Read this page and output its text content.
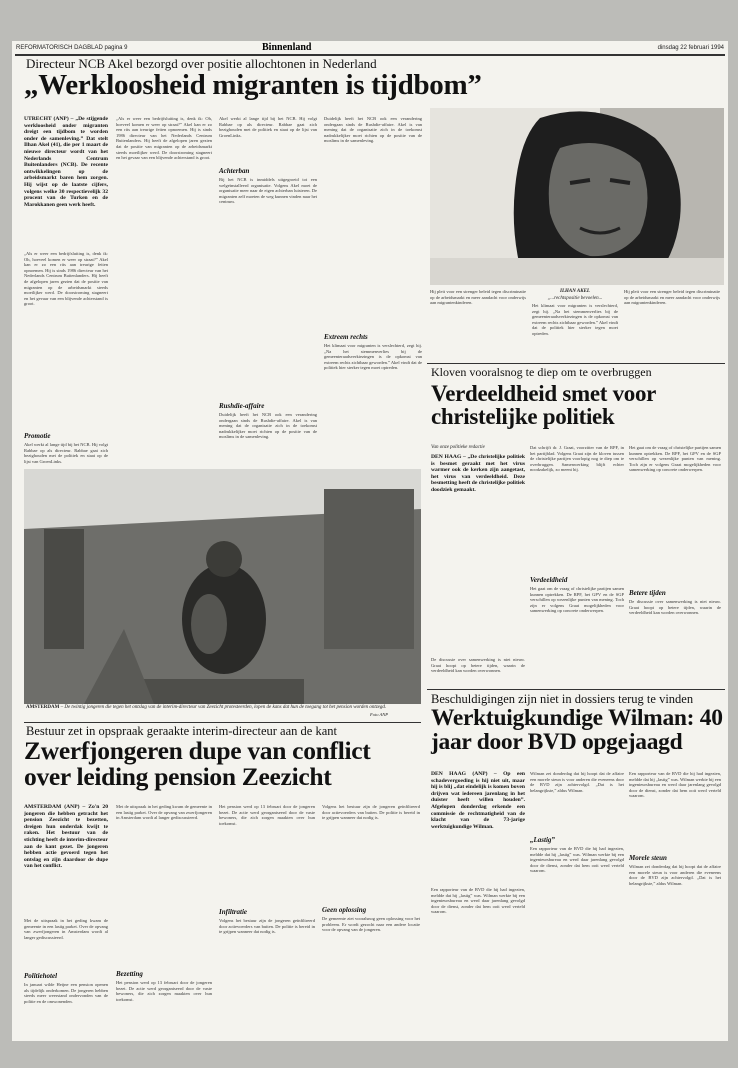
REFORMATORISCH DAGBLAD pagina 9	Binnenland	dinsdag 22 februari 1994
Directeur NCB Akel bezorgd over positie allochtonen in Nederland
„Werkloosheid migranten is tijdbom”
UTRECHT (ANP) – „De stijgende werkloosheid onder migranten dreigt een tijdbom te worden onder de samenleving.” Dat stelt Ilhan Akel (41), die per 1 maart de nieuwe directeur wordt van het Nederlands Centrum Buitenlanders (NCB). De recente ontwikkelingen op de arbeidsmarkt baren hem zorgen. Hij wijst op de laatste cijfers, volgens welke 30 respectievelijk 32 procent van de Turken en de Marokkanen geen werk heeft.
„Als er weer een bedrijfsluiting is, denk ik: Oh, hoeveel komen er weer op straat?” Akel kan er zo een rits aan treurige feiten opnoemen. Hij is sinds 1986 directeur van het Nederlands Centrum Buitenlanders. Hij heeft de afgelopen jaren gezien dat de positie van migranten op de arbeidsmarkt steeds moeilijker werd. De doorstroming stagneert en het gevaar van een blijvende achterstand is groot.
Promotie
Akel werkt al lange tijd bij het NCB. Hij volgt Rabbae op als directeur. Rabbae gaat zich bezighouden met de politiek en staat op de lijst van GroenLinks.
„Als er weer een bedrijfsluiting is, denk ik: Oh, hoeveel komen er weer op straat?” Akel kan er zo een rits aan treurige feiten opnoemen. Hij is sinds 1986 directeur van het Nederlands Centrum Buitenlanders. Hij heeft de afgelopen jaren gezien dat de positie van migranten op de arbeidsmarkt steeds moeilijker werd. De doorstroming stagneert en het gevaar van een blijvende achterstand is groot.
Akel werkt al lange tijd bij het NCB. Hij volgt Rabbae op als directeur. Rabbae gaat zich bezighouden met de politiek en staat op de lijst van GroenLinks.
Achterban
Bij het NCB is inmiddels uitgegroeid tot een welgeïnstalleerd organisatie. Volgens Akel moet de organisatie meer naar de eigen achterban luisteren. De migranten zelf moeten de weg kunnen vinden naar het centrum.
Rushdie-affaire
Duidelijk heeft het NCB ook een verandering ondergaan sinds de Rushdie-affaire. Akel is van mening dat de organisatie zich in de toekomst nadrukkelijker moet richten op de positie van de moslims in de samenleving.
Duidelijk heeft het NCB ook een verandering ondergaan sinds de Rushdie-affaire. Akel is van mening dat de organisatie zich in de toekomst nadrukkelijker moet richten op de positie van de moslims in de samenleving.
Extreem rechts
Het klimaat voor migranten is verslechterd, zegt hij. „Na het stemmenverlies bij de gemeenteraadsverkiezingen is de opkomst van extreem rechts zichtbaar geworden.” Akel vindt dat de politiek hier sterker tegen moet optreden.
Hij pleit voor een strenger beleid tegen discriminatie op de arbeidsmarkt en meer aandacht voor onderwijs aan migrantenkinderen.
ILHAN AKEL
„...rechtspositie bevoelen...
Het klimaat voor migranten is verslechterd, zegt hij. „Na het stemmenverlies bij de gemeenteraadsverkiezingen is de opkomst van extreem rechts zichtbaar geworden.” Akel vindt dat de politiek hier sterker tegen moet optreden.
Hij pleit voor een strenger beleid tegen discriminatie op de arbeidsmarkt en meer aandacht voor onderwijs aan migrantenkinderen.
Kloven vooralsnog te diep om te overbruggen
Verdeeldheid smet voor christelijke politiek
Van onze politieke redactie
DEN HAAG – „De christelijke politiek is besmet geraakt met het virus warmer ook de kerken zijn aangetast, het virus van verdeeldheid. Deze besmetting heeft de christelijke politiek doodziek gemaakt.
De discussie over samenwerking is niet nieuw. Graat hoopt op betere tijden, waarin de verdeeldheid kan worden overwonnen.
Dat schrijft dr. J. Graat, voorzitter van de RPF, in het partijblad. Volgens Graat zijn de kloven tussen de christelijke partijen voorlopig nog te diep om te overbruggen. Samenwerking blijft echter noodzakelijk, zo meent hij.
Verdeeldheid
Het gaat om de vraag of christelijke partijen samen kunnen optrekken. De RPF, het GPV en de SGP verschillen op wezenlijke punten van mening. Toch zijn er volgens Graat mogelijkheden voor samenwerking op concrete onderwerpen.
Het gaat om de vraag of christelijke partijen samen kunnen optrekken. De RPF, het GPV en de SGP verschillen op wezenlijke punten van mening. Toch zijn er volgens Graat mogelijkheden voor samenwerking op concrete onderwerpen.
Betere tijden
De discussie over samenwerking is niet nieuw. Graat hoopt op betere tijden, waarin de verdeeldheid kan worden overwonnen.
AMSTERDAM – De twintig jongeren die tegen het ontslag van de interim-directeur van Zeezicht protesteerden, lopen de kans dat hun de toegang tot het pension worden ontzegd.
Foto ANP
Bestuur zet in opspraak geraakte interim-directeur aan de kant
Zwerfjongeren dupe van conflict over leiding pension Zeezicht
AMSTERDAM (ANP) – Zo'n 20 jongeren die hebben getracht het pension Zeezicht te bezetten, dreigen hun onderdak kwijt te raken. Het bestuur van de stichting heeft de interim-directeur aan de kant gezet. De jongeren hebben actie gevoerd tegen het ontslag en zijn daardoor de dupe van het conflict.
Met de uitspraak in het geding kwam de gemeente in een lastig parket. Over de opvang van zwerfjongeren in Amsterdam wordt al langer gediscussieerd.
Politiehotel
In januari wilde Heijne een pension openen als tijdelijk onderkomen. De jongeren hebben steeds meer weerstand ondervonden van de politie en de omwonenden.
Met de uitspraak in het geding kwam de gemeente in een lastig parket. Over de opvang van zwerfjongeren in Amsterdam wordt al langer gediscussieerd.
Bezetting
Het pension werd op 13 februari door de jongeren bezet. De actie werd georganiseerd door de vaste bewoners, die zich zorgen maakten over hun toekomst.
Het pension werd op 13 februari door de jongeren bezet. De actie werd georganiseerd door de vaste bewoners, die zich zorgen maakten over hun toekomst.
Infiltratie
Volgens het bestuur zijn de jongeren geïnfiltreerd door actievoerders van buiten. De politie is bereid in te grijpen wanneer dat nodig is.
Volgens het bestuur zijn de jongeren geïnfiltreerd door actievoerders van buiten. De politie is bereid in te grijpen wanneer dat nodig is.
Geen oplossing
De gemeente ziet vooralsnog geen oplossing voor het probleem. Er wordt gezocht naar een andere locatie voor de opvang van de jongeren.
Beschuldigingen zijn niet in dossiers terug te vinden
Werktuigkundige Wilman: 40 jaar door BVD opgejaagd
DEN HAAG (ANP) – Op een schadevergoeding is hij niet uit, maar hij is blij „dat eindelijk is komen boven drijven wat iedereen jarenlang in het duister heeft willen houden”. Afgelopen donderdag erkende een commissie de rechtmatigheid van de klacht van de 73-jarige werktuigkundige Wilman.
Een rapporteur van de BVD die hij had ingezien, meldde dat hij „lastig” was. Wilman werkte bij een ingenieursbureau en werd daar jarenlang gevolgd door de dienst, zonder dat hem ooit werd verteld waarom.
Wilman zei donderdag dat hij hoopt dat de affaire een morele steun is voor anderen die eveneens door de BVD zijn achtervolgd. „Dat is het belangrijkste,” aldus Wilman.
„Lastig”
Een rapporteur van de BVD die hij had ingezien, meldde dat hij „lastig” was. Wilman werkte bij een ingenieursbureau en werd daar jarenlang gevolgd door de dienst, zonder dat hem ooit werd verteld waarom.
Een rapporteur van de BVD die hij had ingezien, meldde dat hij „lastig” was. Wilman werkte bij een ingenieursbureau en werd daar jarenlang gevolgd door de dienst, zonder dat hem ooit werd verteld waarom.
Morele steun
Wilman zei donderdag dat hij hoopt dat de affaire een morele steun is voor anderen die eveneens door de BVD zijn achtervolgd. „Dat is het belangrijkste,” aldus Wilman.
